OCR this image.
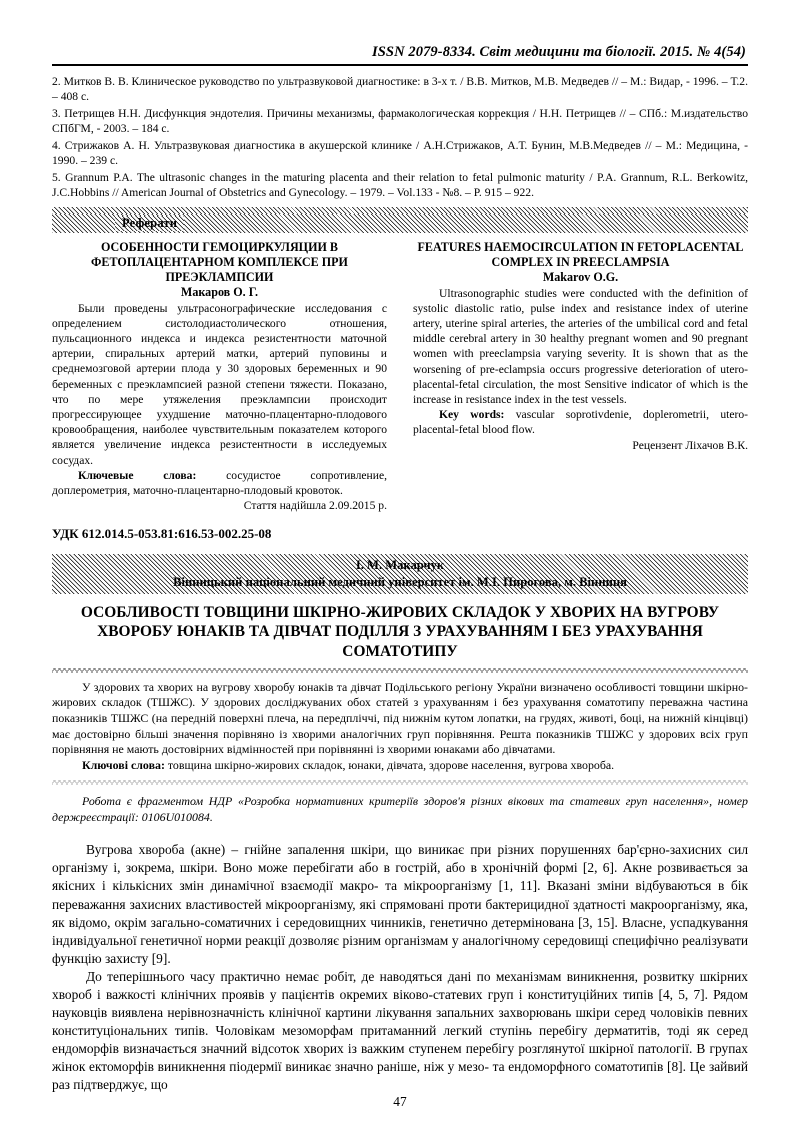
ISSN 2079-8334. Світ медицини та біології. 2015. № 4(54)

2. Митков В. В. Клиническое руководство по ультразвуковой диагностике: в 3-х т. / В.В. Митков, М.В. Медведев // – М.: Видар, - 1996. – Т.2. – 408 с.

3. Петрищев Н.Н. Дисфункция эндотелия. Причины механизмы, фармакологическая коррекция / Н.Н. Петрищев // – СПб.: М.издательство СПбГМ, - 2003. – 184 с.

4. Стрижаков А. Н. Ультразвуковая диагностика в акушерской клинике / А.Н.Стрижаков, А.Т. Бунин, М.В.Медведев // – М.: Медицина, - 1990. – 239 с.

5. Grannum P.A. The ultrasonic changes in the maturing placenta and their relation to fetal pulmonic maturity / P.A. Grannum, R.L. Berkowitz, J.C.Hobbins // American Journal of Obstetrics and Gynecology. – 1979. – Vol.133 - №8. – P. 915 – 922.

Реферати
ОСОБЕННОСТИ ГЕМОЦИРКУЛЯЦИИ В ФЕТОПЛАЦЕНТАРНОМ КОМПЛЕКСЕ ПРИ ПРЕЭКЛАМПСИИ
Макаров О. Г.

Были проведены ультрасонографические исследования с определением систолодиастолического отношения, пульсационного индекса и индекса резистентности маточной артерии, спиральных артерий матки, артерий пуповины и среднемозговой артерии плода у 30 здоровых беременных и 90 беременных с преэклампсией разной степени тяжести. Показано, что по мере утяжеления преэклампсии происходит прогрессирующее ухудшение маточно-плацентарно-плодового кровообращения, наиболее чувствительным показателем которого является увеличение индекса резистентности в исследуемых сосудах.

Ключевые слова:	сосудистое сопротивление, доплерометрия, маточно-плацентарно-плодовый кровоток.

Стаття надійшла 2.09.2015 р.
FEATURES HAEMOCIRCULATION IN FETOPLACENTAL COMPLEX IN PREECLAMPSIA
Makarov O.G.

Ultrasonographic studies were conducted with the definition of systolic diastolic ratio, pulse index and resistance index of uterine artery, uterine spiral arteries, the arteries of the umbilical cord and fetal middle cerebral artery in 30 healthy pregnant women and 90 pregnant women with preeclampsia varying severity. It is shown that as the worsening of pre-eclampsia occurs progressive deterioration of utero-placental-fetal circulation, the most Sensitive indicator of which is the increase in resistance index in the test vessels.

Key words: vascular soprotivdenie, doplerometrii, utero-placental-fetal blood flow.

Рецензент Ліхачов В.К.
УДК 612.014.5-053.81:616.53-002.25-08
І. М. Макарчук
Вінницький національний медичний університет ім. М.І. Пирогова, м. Вінниця
ОСОБЛИВОСТІ ТОВЩИНИ ШКІРНО-ЖИРОВИХ СКЛАДОК У ХВОРИХ НА ВУГРОВУ ХВОРОБУ ЮНАКІВ ТА ДІВЧАТ ПОДІЛЛЯ З УРАХУВАННЯМ І БЕЗ УРАХУВАННЯ СОМАТОТИПУ

У здорових та хворих на вугрову хворобу юнаків та дівчат Подільського регіону України визначено особливості товщини шкірно-жирових складок (ТШЖС). У здорових досліджуваних обох статей з урахуванням і без урахування соматотипу переважна частина показників ТШЖС (на передній поверхні плеча, на передпліччі, під нижнім кутом лопатки, на грудях, животі, боці, на нижній кінцівці) має достовірно більші значення порівняно із хворими аналогічних груп порівняння. Решта показників ТШЖС у здорових всіх груп порівняння не мають достовірних відмінностей при порівнянні із хворими юнаками або дівчатами.

Ключові слова: товщина шкірно-жирових складок, юнаки, дівчата, здорове населення, вугрова хвороба.

Робота є фрагментом НДР «Розробка нормативних критеріїв здоров'я різних вікових та статевих груп населення», номер держреєстрації: 0106U010084.

Вугрова хвороба (акне) – гнійне запалення шкіри, що виникає при різних порушеннях бар'єрно-захисних сил організму і, зокрема, шкіри. Воно може перебігати або в гострій, або в хронічній формі [2, 6]. Акне розвивається за якісних і кількісних змін динамічної взаємодії макро- та мікроорганізму [1, 11]. Вказані зміни відбуваються в бік переважання захисних властивостей мікроорганізму, які спрямовані проти бактерицидної здатності макроорганізму, яка, як відомо, окрім загально-соматичних і середовищних чинників, генетично детермінована [3, 15]. Власне, успадкування індивідуальної генетичної норми реакції дозволяє різним організмам у аналогічному середовищі специфічно реалізувати функцію захисту [9].

До теперішнього часу практично немає робіт, де наводяться дані по механізмам виникнення, розвитку шкірних хвороб і важкості клінічних проявів у пацієнтів окремих віково-статевих груп і конституційних типів [4, 5, 7]. Рядом науковців виявлена нерівнозначність клінічної картини лікування запальних захворювань шкіри серед чоловіків певних конституціональних типів. Чоловікам мезоморфам притаманний легкий ступінь перебігу дерматитів, тоді як серед ендоморфів визначається значний відсоток хворих із важким ступенем перебігу розглянутої шкірної патології. В групах жінок ектоморфів виникнення піодермії виникає значно раніше, ніж у мезо- та ендоморфного соматотипів [8]. Це зайвий раз підтверджує, що

47
